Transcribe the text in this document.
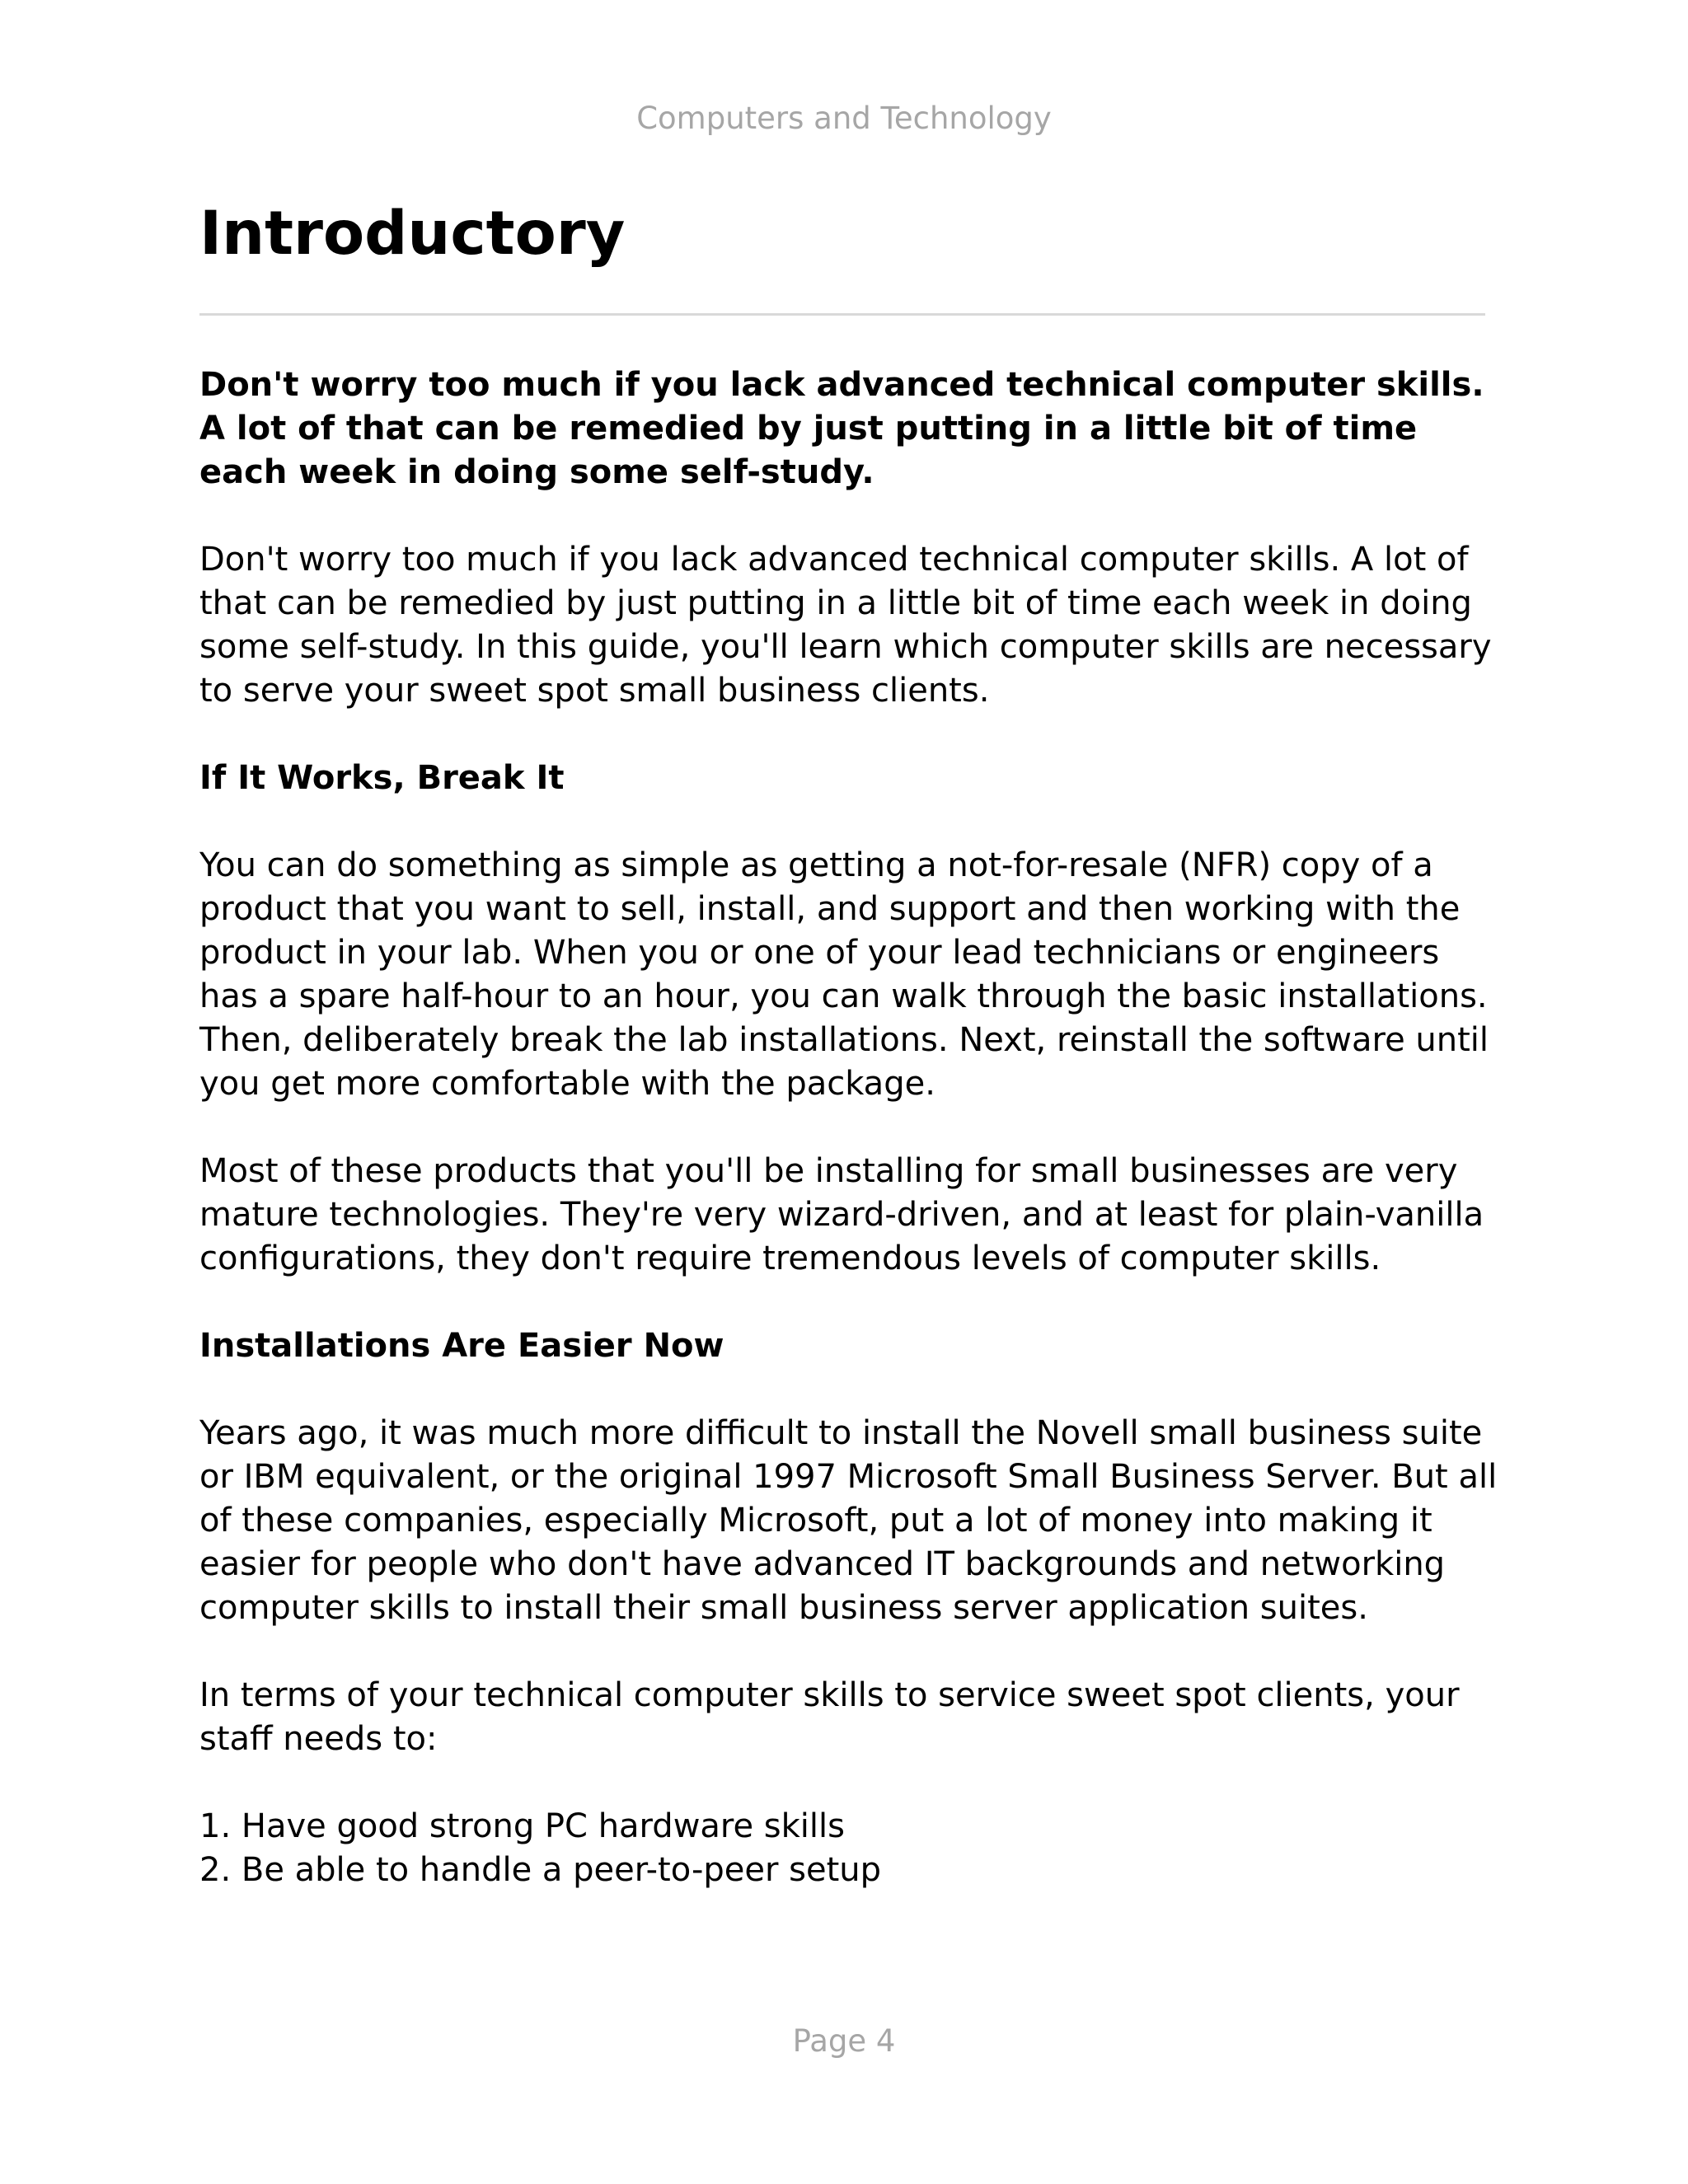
Computers and Technology
Introductory

Don't worry too much if you lack advanced technical computer skills. A lot of that can be remedied by just putting in a little bit of time each week in doing some self-study.

Don't worry too much if you lack advanced technical computer skills. A lot of that can be remedied by just putting in a little bit of time each week in doing some self-study. In this guide, you'll learn which computer skills are necessary to serve your sweet spot small business clients.

If It Works, Break It

You can do something as simple as getting a not-for-resale (NFR) copy of a product that you want to sell, install, and support and then working with the product in your lab. When you or one of your lead technicians or engineers has a spare half-hour to an hour, you can walk through the basic installations. Then, deliberately break the lab installations. Next, reinstall the software until you get more comfortable with the package.

Most of these products that you'll be installing for small businesses are very mature technologies. They're very wizard-driven, and at least for plain-vanilla configurations, they don't require tremendous levels of computer skills.

Installations Are Easier Now

Years ago, it was much more difficult to install the Novell small business suite or IBM equivalent, or the original 1997 Microsoft Small Business Server. But all of these companies, especially Microsoft, put a lot of money into making it easier for people who don't have advanced IT backgrounds and networking computer skills to install their small business server application suites.

In terms of your technical computer skills to service sweet spot clients, your staff needs to:

1. Have good strong PC hardware skills
2. Be able to handle a peer-to-peer setup
Page 4
